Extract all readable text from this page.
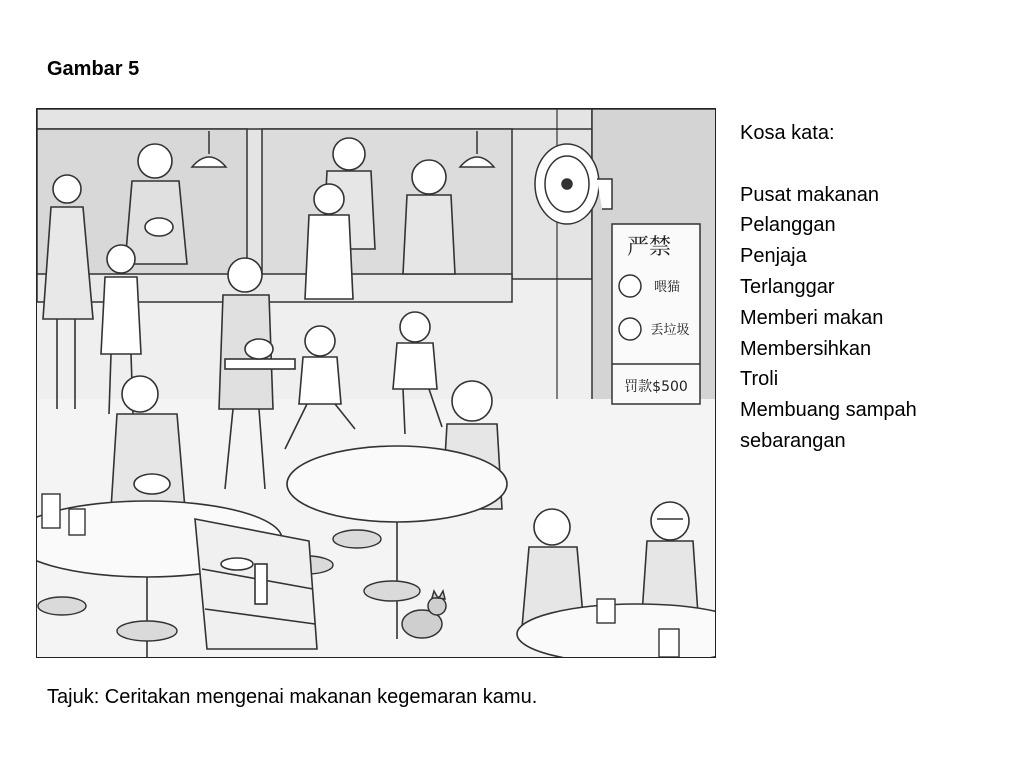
Gambar 5
严禁
喂猫
丢垃圾
罚款$500
Kosa kata:
Pusat makanan
Pelanggan
Penjaja
Terlanggar
Memberi makan
Membersihkan
Troli
Membuang sampah
sebarangan
Tajuk: Ceritakan mengenai makanan kegemaran kamu.
